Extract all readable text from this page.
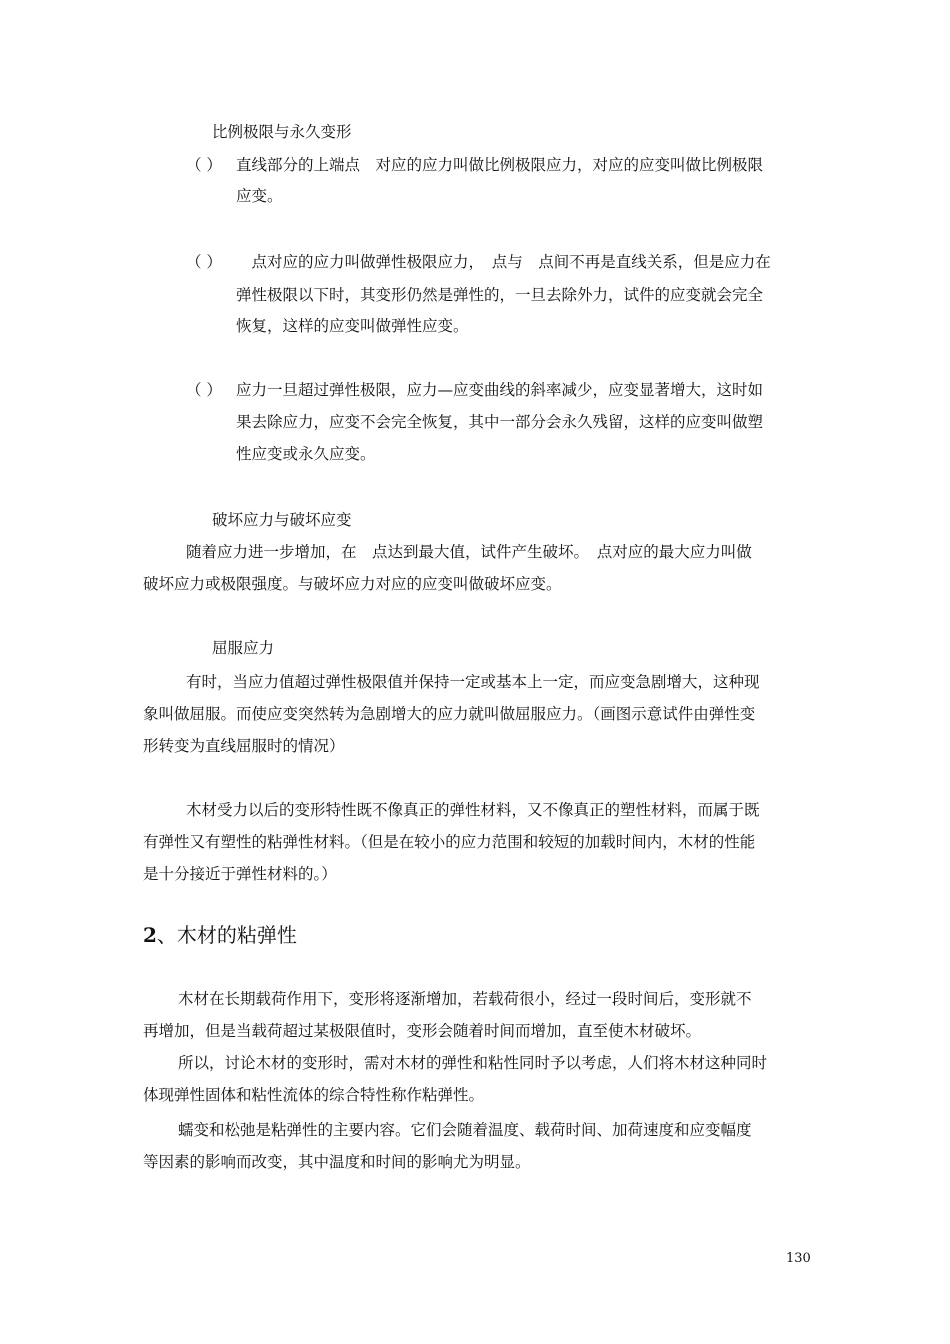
比例极限与永久变形
（ ） 直线部分的上端点　对应的应力叫做比例极限应力，对应的应变叫做比例极限
应变。
（ ） 　点对应的应力叫做弹性极限应力，　点与　点间不再是直线关系，但是应力在
弹性极限以下时，其变形仍然是弹性的，一旦去除外力，试件的应变就会完全
恢复，这样的应变叫做弹性应变。
（ ） 应力一旦超过弹性极限，应力—应变曲线的斜率减少，应变显著增大，这时如
果去除应力，应变不会完全恢复，其中一部分会永久残留，这样的应变叫做塑
性应变或永久应变。
破坏应力与破坏应变
随着应力进一步增加，在　点达到最大值，试件产生破坏。　点对应的最大应力叫做
破坏应力或极限强度。与破坏应力对应的应变叫做破坏应变。
屈服应力
有时，当应力值超过弹性极限值并保持一定或基本上一定，而应变急剧增大，这种现
象叫做屈服。而使应变突然转为急剧增大的应力就叫做屈服应力。（画图示意试件由弹性变
形转变为直线屈服时的情况）
木材受力以后的变形特性既不像真正的弹性材料，又不像真正的塑性材料，而属于既
有弹性又有塑性的粘弹性材料。（但是在较小的应力范围和较短的加载时间内，木材的性能
是十分接近于弹性材料的。）
2、木材的粘弹性
木材在长期载荷作用下，变形将逐渐增加，若载荷很小，经过一段时间后，变形就不
再增加，但是当载荷超过某极限值时，变形会随着时间而增加，直至使木材破坏。
所以，讨论木材的变形时，需对木材的弹性和粘性同时予以考虑，人们将木材这种同时
体现弹性固体和粘性流体的综合特性称作粘弹性。
蠕变和松弛是粘弹性的主要内容。它们会随着温度、载荷时间、加荷速度和应变幅度
等因素的影响而改变，其中温度和时间的影响尤为明显。
130
